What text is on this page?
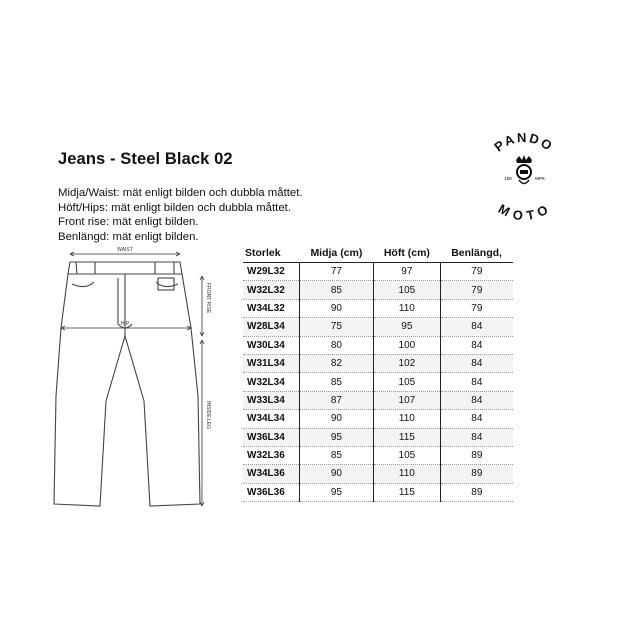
Jeans - Steel Black 02
Midja/Waist: mät enligt bilden och dubbla måttet.
Höft/Hips: mät enligt bilden och dubbla måttet.
Front rise: mät enligt bilden.
Benlängd: mät enligt bilden.
PANDO
MOTO
100	MPK
WAIST
HIP
FRONT RISE
INSIDE LEG
Storlek	Midja (cm)	Höft (cm)	Benlängd,
W29L32	77	97	79
W32L32	85	105	79
W34L32	90	110	79
W28L34	75	95	84
W30L34	80	100	84
W31L34	82	102	84
W32L34	85	105	84
W33L34	87	107	84
W34L34	90	110	84
W36L34	95	115	84
W32L36	85	105	89
W34L36	90	110	89
W36L36	95	115	89
